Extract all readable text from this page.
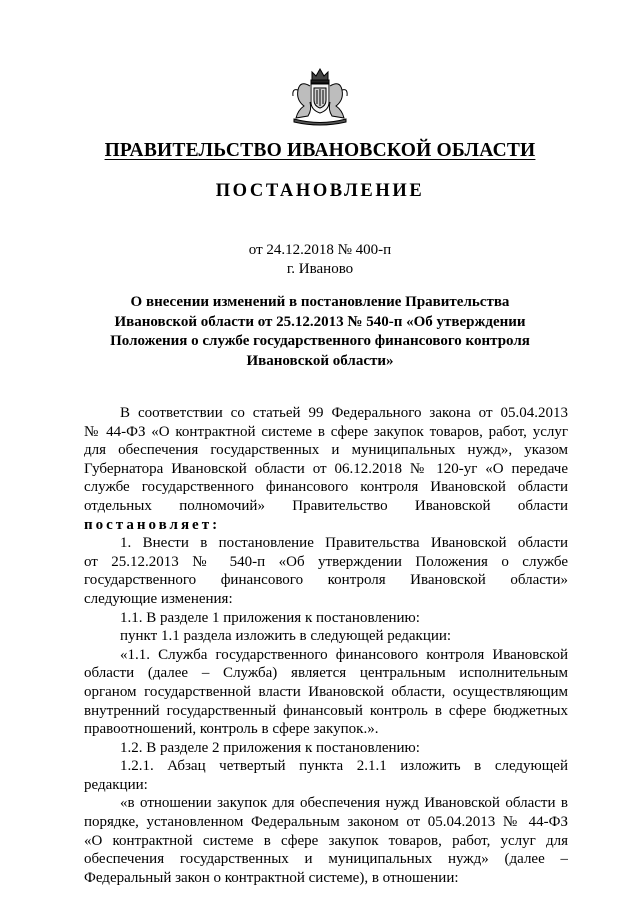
ПРАВИТЕЛЬСТВО ИВАНОВСКОЙ ОБЛАСТИ
ПОСТАНОВЛЕНИЕ
от 24.12.2018 № 400-п
г. Иваново
О внесении изменений в постановление Правительства
Ивановской области от 25.12.2013 № 540-п «Об утверждении
Положения о службе государственного финансового контроля
Ивановской области»
В соответствии со статьей 99 Федерального закона от 05.04.2013
№ 44-ФЗ «О контрактной системе в сфере закупок товаров, работ, услуг
для обеспечения государственных и муниципальных нужд», указом
Губернатора Ивановской области от 06.12.2018 № 120-уг «О передаче
службе государственного финансового контроля Ивановской области
отдельных полномочий» Правительство Ивановской области
постановляет:
1. Внести в постановление Правительства Ивановской области
от 25.12.2013 № 540-п «Об утверждении Положения о службе
государственного финансового контроля Ивановской области»
следующие изменения:
1.1. В разделе 1 приложения к постановлению:
пункт 1.1 раздела изложить в следующей редакции:
«1.1. Служба государственного финансового контроля Ивановской
области (далее – Служба) является центральным исполнительным
органом государственной власти Ивановской области, осуществляющим
внутренний государственный финансовый контроль в сфере бюджетных
правоотношений, контроль в сфере закупок.».
1.2. В разделе 2 приложения к постановлению:
1.2.1. Абзац четвертый пункта 2.1.1 изложить в следующей
редакции:
«в отношении закупок для обеспечения нужд Ивановской области в
порядке, установленном Федеральным законом от 05.04.2013 № 44-ФЗ
«О контрактной системе в сфере закупок товаров, работ, услуг для
обеспечения государственных и муниципальных нужд» (далее –
Федеральный закон о контрактной системе), в отношении:
